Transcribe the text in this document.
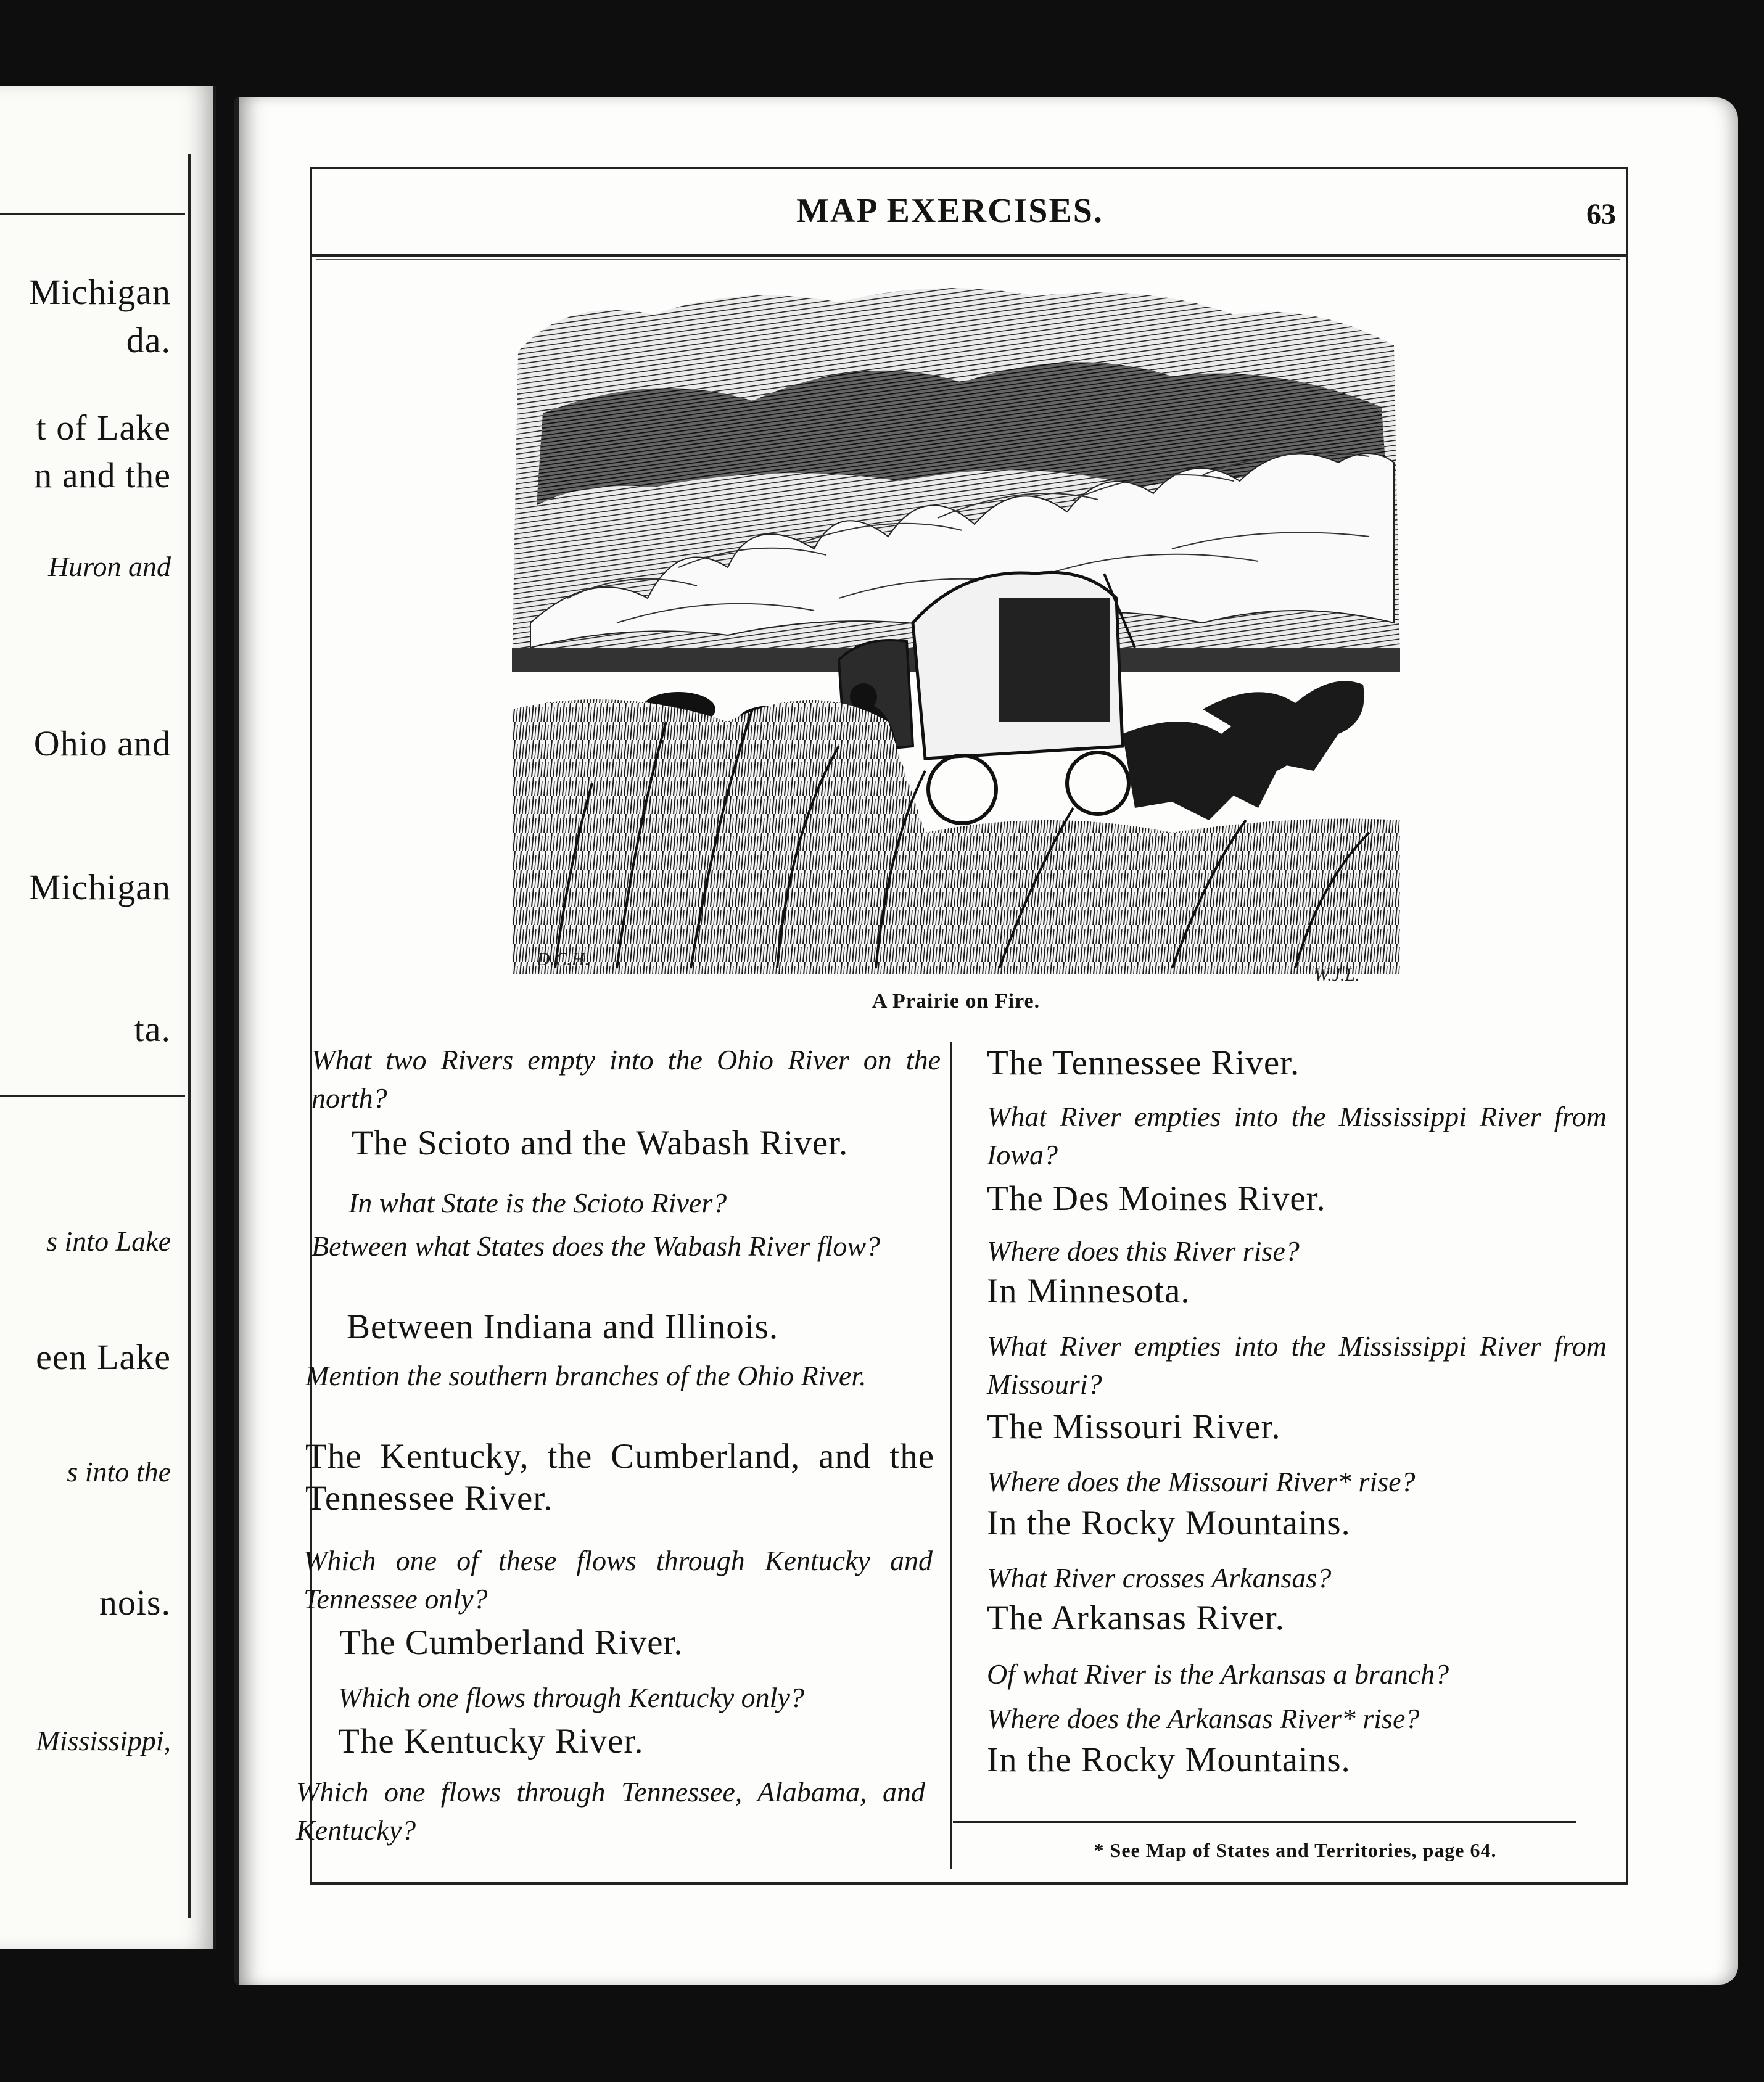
Michigan
da.
t of Lake
n and the
Huron and
Ohio and
Michigan
ta.
s into Lake
een Lake
s into the
nois.
Mississippi,
MAP EXERCISES.	63
D.C.H.
W.J.L.
A Prairie on Fire.
What two Rivers empty into the Ohio River on the north?
The Scioto and the Wabash River.
In what State is the Scioto River?
Between what States does the Wabash River flow?
Between Indiana and Illinois.
Mention the southern branches of the Ohio River.
The Kentucky, the Cumberland, and the Tennessee River.
Which one of these flows through Kentucky and Tennessee only?
The Cumberland River.
Which one flows through Kentucky only?
The Kentucky River.
Which one flows through Tennessee, Alabama, and Kentucky?
The Tennessee River.
What River empties into the Mississippi River from Iowa?
The Des Moines River.
Where does this River rise?
In Minnesota.
What River empties into the Mississippi River from Missouri?
The Missouri River.
Where does the Missouri River* rise?
In the Rocky Mountains.
What River crosses Arkansas?
The Arkansas River.
Of what River is the Arkansas a branch?
Where does the Arkansas River* rise?
In the Rocky Mountains.
* See Map of States and Territories, page 64.
